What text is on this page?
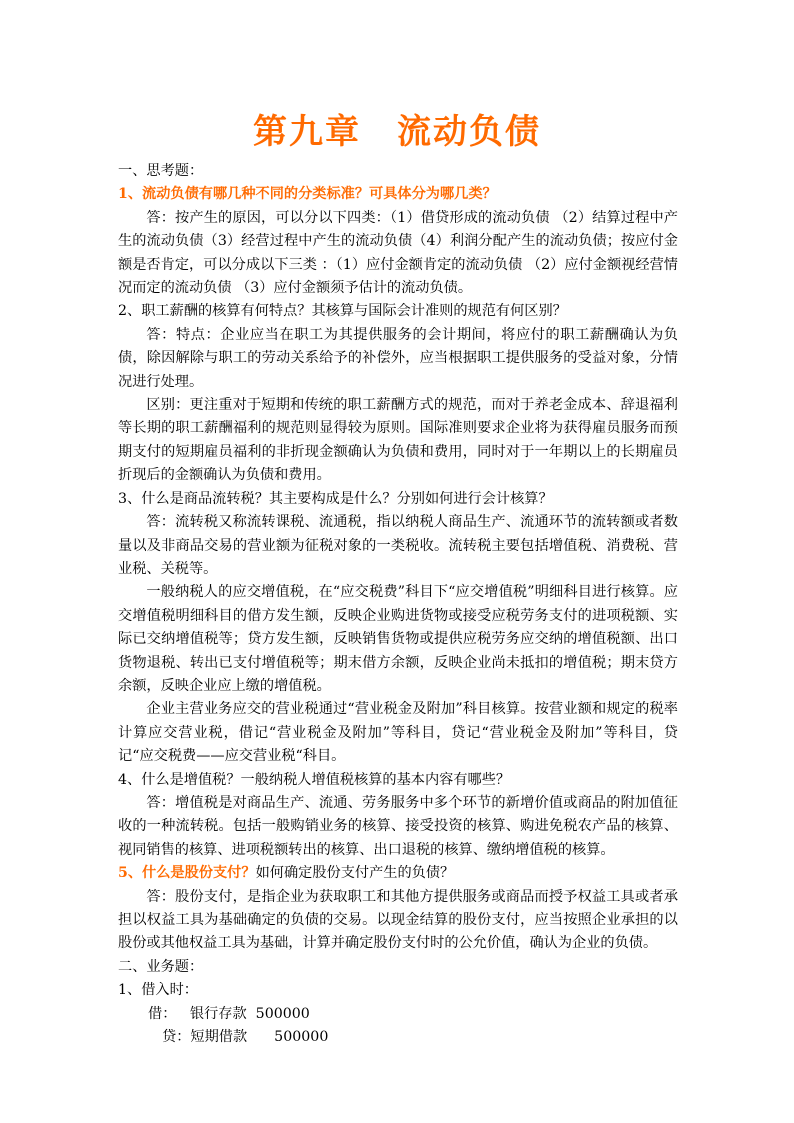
第九章　流动负债

一、思考题：

1、流动负债有哪几种不同的分类标准？可具体分为哪几类？

答：按产生的原因，可以分以下四类：（1）借贷形成的流动负债 （2）结算过程中产生的流动负债（3）经营过程中产生的流动负债（4）利润分配产生的流动负债；按应付金额是否肯定，可以分成以下三类 ：（1）应付金额肯定的流动负债 （2）应付金额视经营情况而定的流动负债 （3）应付金额须予估计的流动负债。

2、职工薪酬的核算有何特点？其核算与国际会计准则的规范有何区别？

答：特点：企业应当在职工为其提供服务的会计期间，将应付的职工薪酬确认为负债，除因解除与职工的劳动关系给予的补偿外，应当根据职工提供服务的受益对象，分情况进行处理。

区别：更注重对于短期和传统的职工薪酬方式的规范，而对于养老金成本、辞退福利等长期的职工薪酬福利的规范则显得较为原则。国际准则要求企业将为获得雇员服务而预期支付的短期雇员福利的非折现金额确认为负债和费用，同时对于一年期以上的长期雇员折现后的金额确认为负债和费用。

3、什么是商品流转税？其主要构成是什么？分别如何进行会计核算？

答：流转税又称流转课税、流通税，指以纳税人商品生产、流通环节的流转额或者数量以及非商品交易的营业额为征税对象的一类税收。流转税主要包括增值税、消费税、营业税、关税等。

一般纳税人的应交增值税，在“应交税费”科目下“应交增值税”明细科目进行核算。应交增值税明细科目的借方发生额，反映企业购进货物或接受应税劳务支付的进项税额、实际已交纳增值税等；贷方发生额，反映销售货物或提供应税劳务应交纳的增值税额、出口货物退税、转出已支付增值税等；期末借方余额，反映企业尚未抵扣的增值税；期末贷方余额，反映企业应上缴的增值税。

企业主营业务应交的营业税通过“营业税金及附加”科目核算。按营业额和规定的税率计算应交营业税，借记“营业税金及附加”等科目，贷记“营业税金及附加”等科目，贷记“应交税费——应交营业税“科目。

4、什么是增值税？一般纳税人增值税核算的基本内容有哪些？

答：增值税是对商品生产、流通、劳务服务中多个环节的新增价值或商品的附加值征收的一种流转税。包括一般购销业务的核算、接受投资的核算、购进免税农产品的核算、视同销售的核算、进项税额转出的核算、出口退税的核算、缴纳增值税的核算。

5、什么是股份支付？如何确定股份支付产生的负债？

答：股份支付，是指企业为获取职工和其他方提供服务或商品而授予权益工具或者承担以权益工具为基础确定的负债的交易。以现金结算的股份支付，应当按照企业承担的以股份或其他权益工具为基础，计算并确定股份支付时的公允价值，确认为企业的负债。

二、业务题：

1、借入时：

借：   银行存款  500000

贷：短期借款      500000
